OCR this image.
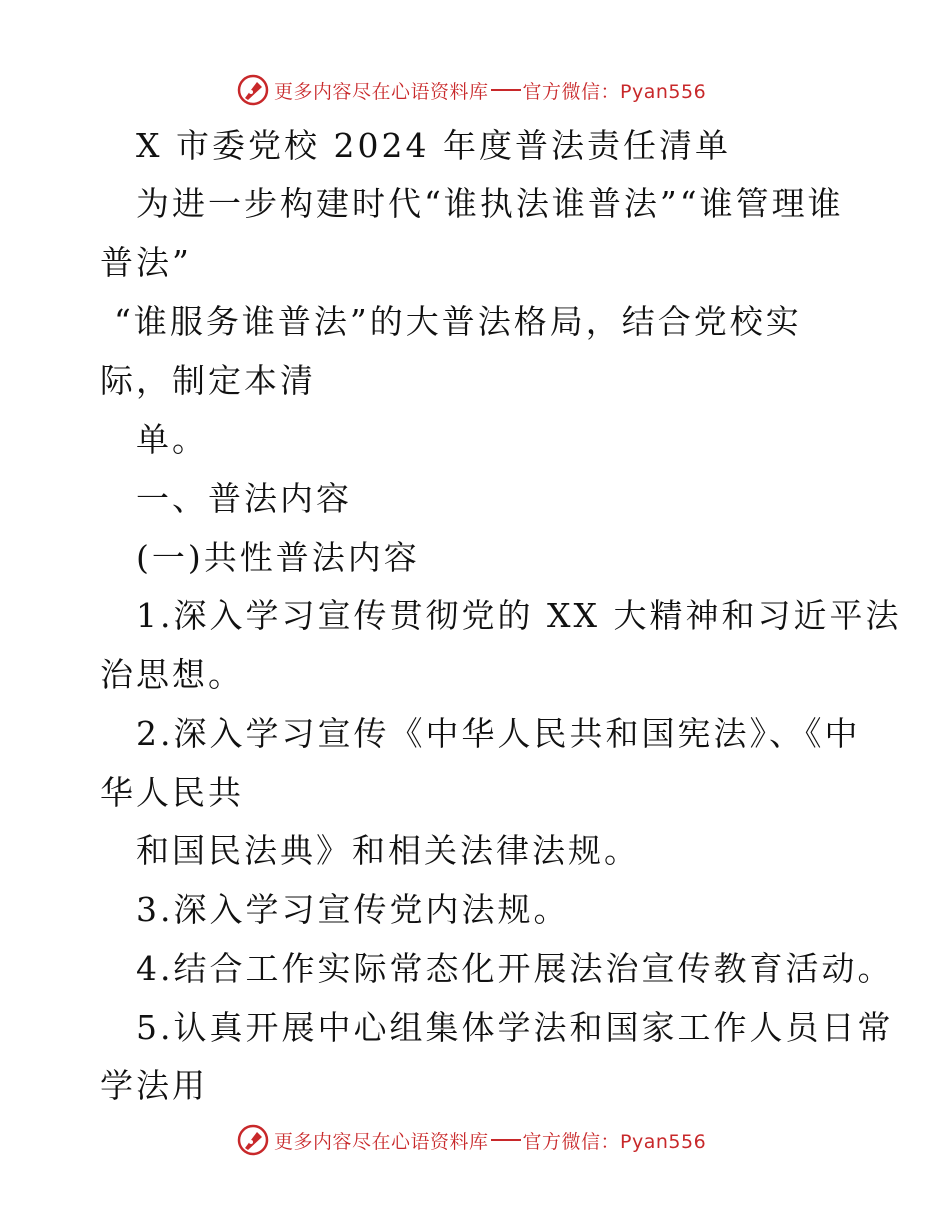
更多内容尽在心语资料库 官方微信：Pyan556
X 市委党校 2024 年度普法责任清单
为进一步构建时代“谁执法谁普法”“谁管理谁
普法”
“谁服务谁普法”的大普法格局，结合党校实
际，制定本清
单。
一、普法内容
(一)共性普法内容
1.深入学习宣传贯彻党的 XX 大精神和习近平法
治思想。
2.深入学习宣传《中华人民共和国宪法》、《中
华人民共
和国民法典》和相关法律法规。
3.深入学习宣传党内法规。
4.结合工作实际常态化开展法治宣传教育活动。
5.认真开展中心组集体学法和国家工作人员日常
学法用
更多内容尽在心语资料库 官方微信：Pyan556
